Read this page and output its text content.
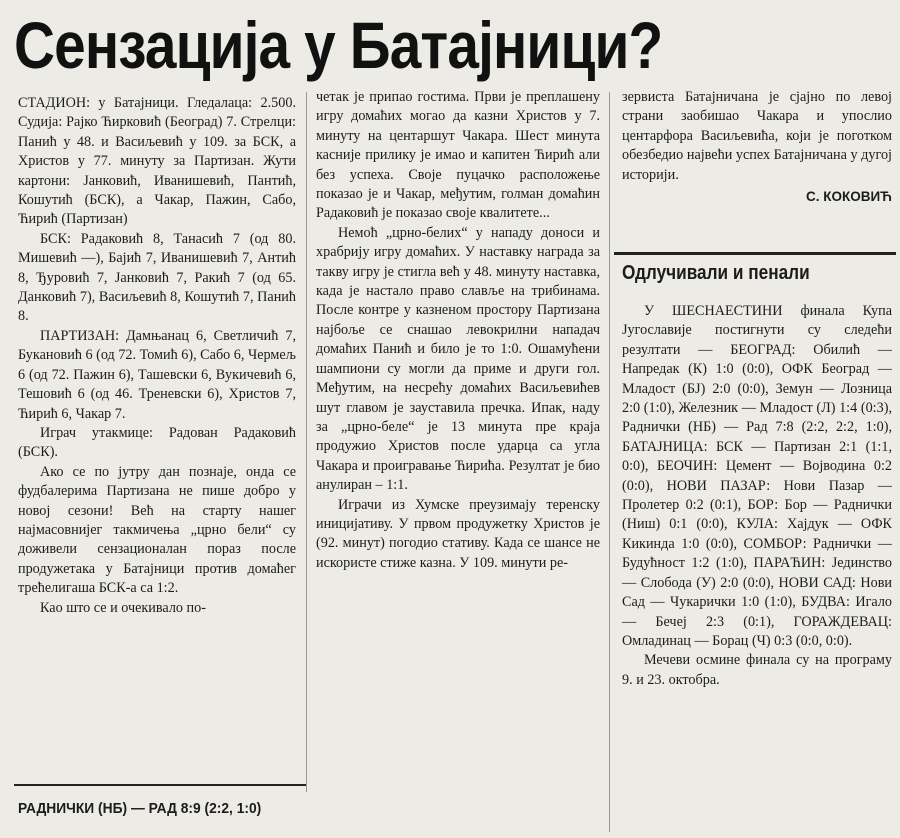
Сензација у Батајници?

СТАДИОН: у Батајници. Гледалаца: 2.500. Судија: Рајко Ћирковић (Београд) 7. Стрелци: Панић у 48. и Васиљевић у 109. за БСК, а Христов у 77. минуту за Партизан. Жути картони: Јанковић, Иванишевић, Пантић, Кошутић (БСК), а Чакар, Пажин, Сабо, Ћирић (Партизан)

БСК: Радаковић 8, Танасић 7 (од 80. Мишевић —), Бајић 7, Иванишевић 7, Антић 8, Ђуровић 7, Јанковић 7, Ракић 7 (од 65. Данковић 7), Васиљевић 8, Кошутић 7, Панић 8.

ПАРТИЗАН: Дамњанац 6, Светличић 7, Букановић 6 (од 72. Томић 6), Сабо 6, Чермељ 6 (од 72. Пажин 6), Ташевски 6, Вукичевић 6, Тешовић 6 (од 46. Треневски 6), Христов 7, Ћирић 6, Чакар 7.

Играч утакмице: Радован Радаковић (БСК).

Ако се по јутру дан познаје, онда се фудбалерима Партизана не пише добро у новој сезони! Већ на старту нашег најмасовнијег такмичења „црно бели“ су доживели сензационалан пораз после продужетака у Батајници против домаћег трећелигаша БСК-а са 1:2.

Као што се и очекивало по-

четак је припао гостима. Први је преплашену игру домаћих могао да казни Христов у 7. минуту на центаршут Чакара. Шест минута касније прилику је имао и капитен Ћирић али без успеха. Своје пуцачко расположење показао је и Чакар, међутим, голман домаћин Радаковић је показао своје квалитете...

Немоћ „црно-белих“ у нападу доноси и храбрију игру домаћих. У наставку награда за такву игру је стигла већ у 48. минуту наставка, када је настало право славље на трибинама. После контре у казненом простору Партизана најбоље се снашао левокрилни нападач домаћих Панић и било је то 1:0. Ошамућени шампиони су могли да приме и други гол. Међутим, на несрећу домаћих Васиљевићев шут главом је зауставила пречка. Ипак, наду за „црно-беле“ је 13 минута пре краја продужио Христов после ударца са угла Чакара и проигравање Ћирића. Резултат је био анулиран – 1:1.

Играчи из Хумске преузимају теренску иницијативу. У првом продужетку Христов је (92. минут) погодио стативу. Када се шансе не искористе стиже казна. У 109. минути ре-

зервиста Батајничана је сјајно по левој страни заобишао Чакара и упослио центарфора Васиљевића, који је поготком обезбедио највећи успех Батајничана у дугој историји.

С. КОКОВИЋ
Одлучивали и пенали

У ШЕСНАЕСТИНИ финала Купа Југославије постигнути су следећи резултати — БЕОГРАД: Обилић — Напредак (К) 1:0 (0:0), ОФК Београд — Младост (БЈ) 2:0 (0:0), Земун — Лозница 2:0 (1:0), Железник — Младост (Л) 1:4 (0:3), Раднички (НБ) — Рад 7:8 (2:2, 2:2, 1:0), БАТАЈНИЦА: БСК — Партизан 2:1 (1:1, 0:0), БЕОЧИН: Цемент — Војводина 0:2 (0:0), НОВИ ПАЗАР: Нови Пазар — Пролетер 0:2 (0:1), БОР: Бор — Раднички (Ниш) 0:1 (0:0), КУЛА: Хајдук — ОФК Кикинда 1:0 (0:0), СОМБОР: Раднички — Будућност 1:2 (1:0), ПАРАЋИН: Јединство — Слобода (У) 2:0 (0:0), НОВИ САД: Нови Сад — Чукарички 1:0 (1:0), БУДВА: Игало — Бечеј 2:3 (0:1), ГОРАЖДЕВАЦ: Омладинац — Борац (Ч) 0:3 (0:0, 0:0).

Мечеви осмине финала су на програму 9. и 23. октобра.

РАДНИЧКИ (НБ) — РАД 8:9 (2:2, 1:0)
